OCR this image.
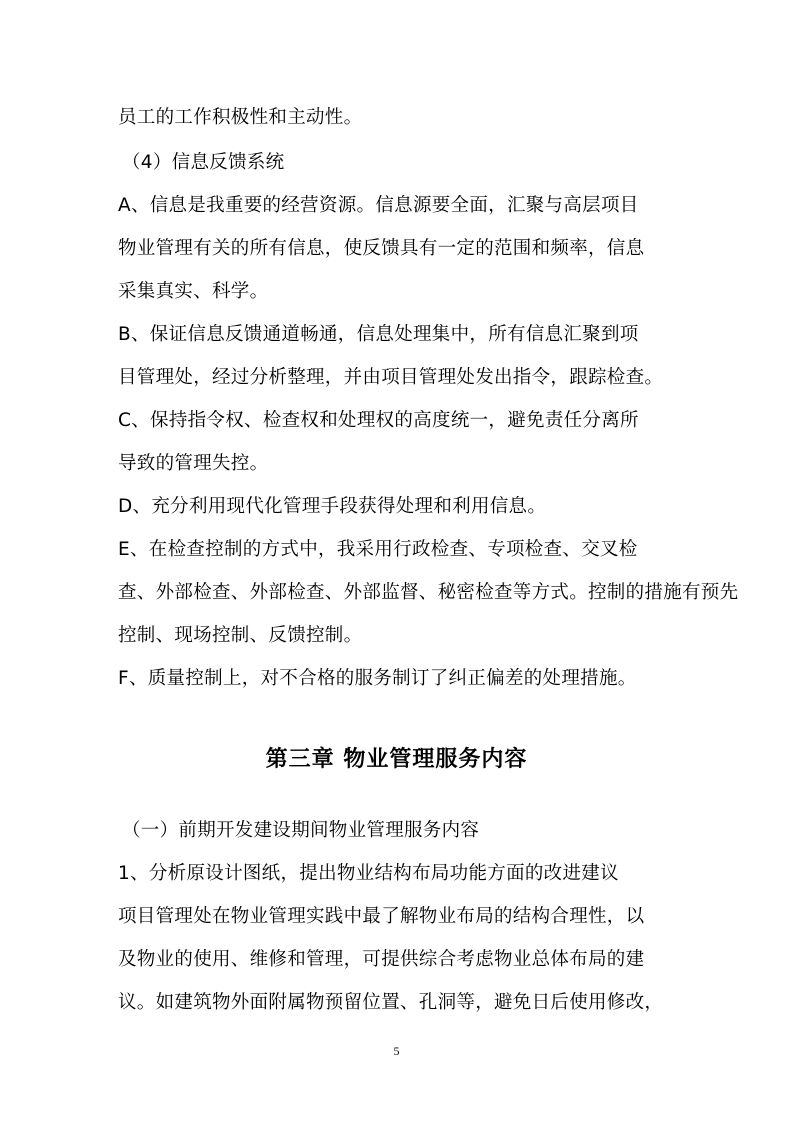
员工的工作积极性和主动性。
（4）信息反馈系统
A、信息是我重要的经营资源。信息源要全面，汇聚与高层项目
物业管理有关的所有信息，使反馈具有一定的范围和频率，信息
采集真实、科学。
B、保证信息反馈通道畅通，信息处理集中，所有信息汇聚到项
目管理处，经过分析整理，并由项目管理处发出指令，跟踪检查。
C、保持指令权、检查权和处理权的高度统一，避免责任分离所
导致的管理失控。
D、充分利用现代化管理手段获得处理和利用信息。
E、在检查控制的方式中，我采用行政检查、专项检查、交叉检
查、外部检查、外部检查、外部监督、秘密检查等方式。控制的措施有预先
控制、现场控制、反馈控制。
F、质量控制上，对不合格的服务制订了纠正偏差的处理措施。
第三章 物业管理服务内容
（一）前期开发建设期间物业管理服务内容
1、分析原设计图纸，提出物业结构布局功能方面的改进建议
项目管理处在物业管理实践中最了解物业布局的结构合理性，以
及物业的使用、维修和管理，可提供综合考虑物业总体布局的建
议。如建筑物外面附属物预留位置、孔洞等，避免日后使用修改，
5
